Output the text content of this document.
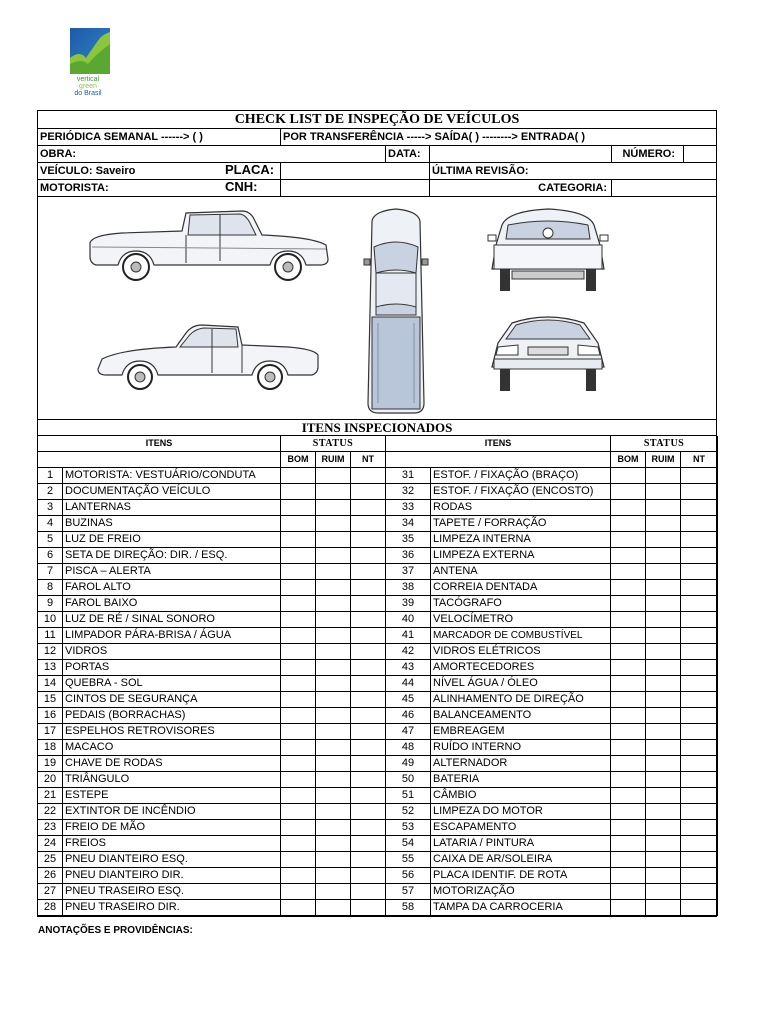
vertical
green
do Brasil
CHECK LIST DE INSPEÇÃO DE VEÍCULOS
PERIÓDICA SEMANAL ------> ( )	POR TRANSFERÊNCIA -----> SAÍDA( ) --------> ENTRADA( )
OBRA:	DATA:	NÚMERO:
VEÍCULO: Saveiro	PLACA:	ÚLTIMA REVISÃO:
MOTORISTA:	CNH:	CATEGORIA:
ITENS INSPECIONADOS
ITENS		STATUS			ITENS		STATUS		
		BOM	RUIM	NT			BOM	RUIM	NT
1	MOTORISTA: VESTUÁRIO/CONDUTA				31	ESTOF. / FIXAÇÃO (BRAÇO)			
2	DOCUMENTAÇÃO VEÍCULO				32	ESTOF. / FIXAÇÃO (ENCOSTO)			
3	LANTERNAS				33	RODAS			
4	BUZINAS				34	TAPETE / FORRAÇÃO			
5	LUZ DE FREIO				35	LIMPEZA INTERNA			
6	SETA DE DIREÇÃO: DIR. / ESQ.				36	LIMPEZA EXTERNA			
7	PISCA – ALERTA				37	ANTENA			
8	FAROL ALTO				38	CORREIA DENTADA			
9	FAROL BAIXO				39	TACÓGRAFO			
10	LUZ DE RÉ / SINAL SONORO				40	VELOCÍMETRO			
11	LIMPADOR PÁRA-BRISA / ÁGUA				41	MARCADOR DE COMBUSTÍVEL			
12	VIDROS				42	VIDROS ELÉTRICOS			
13	PORTAS				43	AMORTECEDORES			
14	QUEBRA - SOL				44	NÍVEL ÁGUA / ÓLEO			
15	CINTOS DE SEGURANÇA				45	ALINHAMENTO DE DIREÇÃO			
16	PEDAIS (BORRACHAS)				46	BALANCEAMENTO			
17	ESPELHOS RETROVISORES				47	EMBREAGEM			
18	MACACO				48	RUÍDO INTERNO			
19	CHAVE DE RODAS				49	ALTERNADOR			
20	TRIÂNGULO				50	BATERIA			
21	ESTEPE				51	CÂMBIO			
22	EXTINTOR DE INCÊNDIO				52	LIMPEZA DO MOTOR			
23	FREIO DE MÃO				53	ESCAPAMENTO			
24	FREIOS				54	LATARIA / PINTURA			
25	PNEU DIANTEIRO ESQ.				55	CAIXA DE AR/SOLEIRA			
26	PNEU DIANTEIRO DIR.				56	PLACA IDENTIF. DE ROTA			
27	PNEU TRASEIRO ESQ.				57	MOTORIZAÇÃO			
28	PNEU TRASEIRO DIR.				58	TAMPA DA CARROCERIA			
ANOTAÇÕES E PROVIDÊNCIAS:
